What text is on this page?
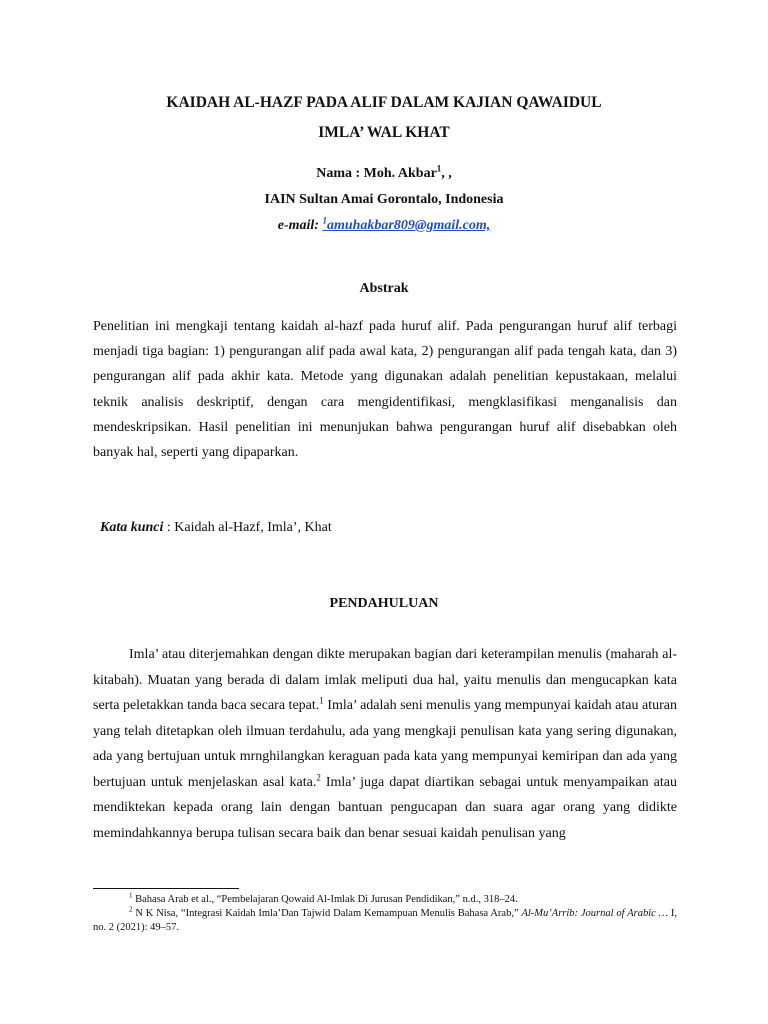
KAIDAH AL-HAZF PADA ALIF DALAM KAJIAN QAWAIDUL
IMLA’ WAL KHAT
Nama : Moh. Akbar$^1$, ,
IAIN Sultan Amai Gorontalo, Indonesia
e-mail: $^1$amuhakbar809@gmail.com,
Abstrak
Penelitian ini mengkaji tentang kaidah al-hazf pada huruf alif. Pada pengurangan huruf alif terbagi menjadi tiga bagian: 1) pengurangan alif pada awal kata, 2) pengurangan alif pada tengah kata, dan 3) pengurangan alif pada akhir kata. Metode yang digunakan adalah penelitian kepustakaan, melalui teknik analisis deskriptif, dengan cara mengidentifikasi, mengklasifikasi menganalisis dan mendeskripsikan. Hasil penelitian ini menunjukan bahwa pengurangan huruf alif disebabkan oleh banyak hal, seperti yang dipaparkan.
Kata kunci : Kaidah al-Hazf, Imla’, Khat
PENDAHULUAN

Imla’ atau diterjemahkan dengan dikte merupakan bagian dari keterampilan menulis (maharah al-kitabah). Muatan yang berada di dalam imlak meliputi dua hal, yaitu menulis dan mengucapkan kata serta peletakkan tanda baca secara tepat.$^1$ Imla’ adalah seni menulis yang mempunyai kaidah atau aturan yang telah ditetapkan oleh ilmuan terdahulu, ada yang mengkaji penulisan kata yang sering digunakan, ada yang bertujuan untuk mrnghilangkan keraguan pada kata yang mempunyai kemiripan dan ada yang bertujuan untuk menjelaskan asal kata.$^2$ Imla’ juga dapat diartikan sebagai untuk menyampaikan atau mendiktekan kepada orang lain dengan bantuan pengucapan dan suara agar orang yang didikte memindahkannya berupa tulisan secara baik dan benar sesuai kaidah penulisan yang

$^1$ Bahasa Arab et al., “Pembelajaran Qowaid Al-Imlak Di Jurusan Pendidikan,” n.d., 318–24.

$^2$ N K Nisa, “Integrasi Kaidah Imla’Dan Tajwid Dalam Kemampuan Menulis Bahasa Arab,” Al-Mu’Arrib: Journal of Arabic … I, no. 2 (2021): 49–57.
